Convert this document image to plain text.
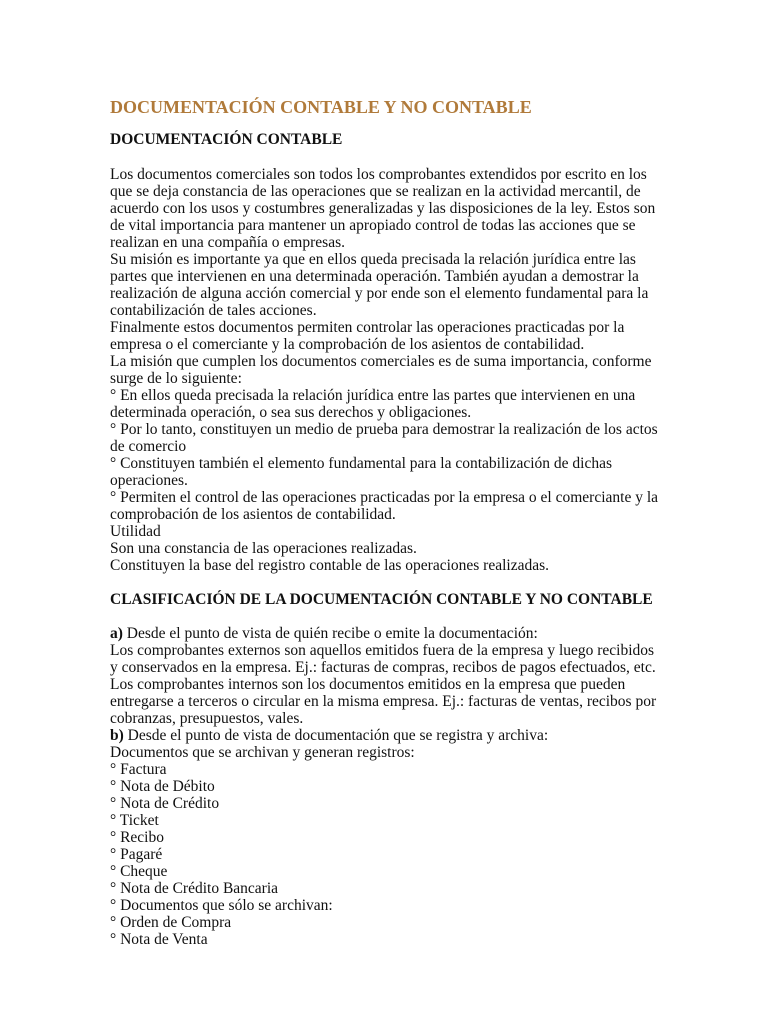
DOCUMENTACIÓN CONTABLE Y NO CONTABLE
DOCUMENTACIÓN CONTABLE

Los documentos comerciales son todos los comprobantes extendidos por escrito en los

que se deja constancia de las operaciones que se realizan en la actividad mercantil, de

acuerdo con los usos y costumbres generalizadas y las disposiciones de la ley. Estos son

de vital importancia para mantener un apropiado control de todas las acciones que se

realizan en una compañía o empresas.

Su misión es importante ya que en ellos queda precisada la relación jurídica entre las

partes que intervienen en una determinada operación. También ayudan a demostrar la

realización de alguna acción comercial y por ende son el elemento fundamental para la

contabilización de tales acciones.

Finalmente estos documentos permiten controlar las operaciones practicadas por la

empresa o el comerciante y la comprobación de los asientos de contabilidad.

La misión que cumplen los documentos comerciales es de suma importancia, conforme

surge de lo siguiente:

° En ellos queda precisada la relación jurídica entre las partes que intervienen en una

determinada operación, o sea sus derechos y obligaciones.

° Por lo tanto, constituyen un medio de prueba para demostrar la realización de los actos

de comercio

° Constituyen también el elemento fundamental para la contabilización de dichas

operaciones.

° Permiten el control de las operaciones practicadas por la empresa o el comerciante y la

comprobación de los asientos de contabilidad.

Utilidad

Son una constancia de las operaciones realizadas.

Constituyen la base del registro contable de las operaciones realizadas.

CLASIFICACIÓN DE LA DOCUMENTACIÓN CONTABLE Y NO CONTABLE

a) Desde el punto de vista de quién recibe o emite la documentación:

Los comprobantes externos son aquellos emitidos fuera de la empresa y luego recibidos

y conservados en la empresa. Ej.: facturas de compras, recibos de pagos efectuados, etc.

Los comprobantes internos son los documentos emitidos en la empresa que pueden

entregarse a terceros o circular en la misma empresa. Ej.: facturas de ventas, recibos por

cobranzas, presupuestos, vales.

b) Desde el punto de vista de documentación que se registra y archiva:

Documentos que se archivan y generan registros:

° Factura

° Nota de Débito

° Nota de Crédito

° Ticket

° Recibo

° Pagaré

° Cheque

° Nota de Crédito Bancaria

° Documentos que sólo se archivan:

° Orden de Compra

° Nota de Venta
